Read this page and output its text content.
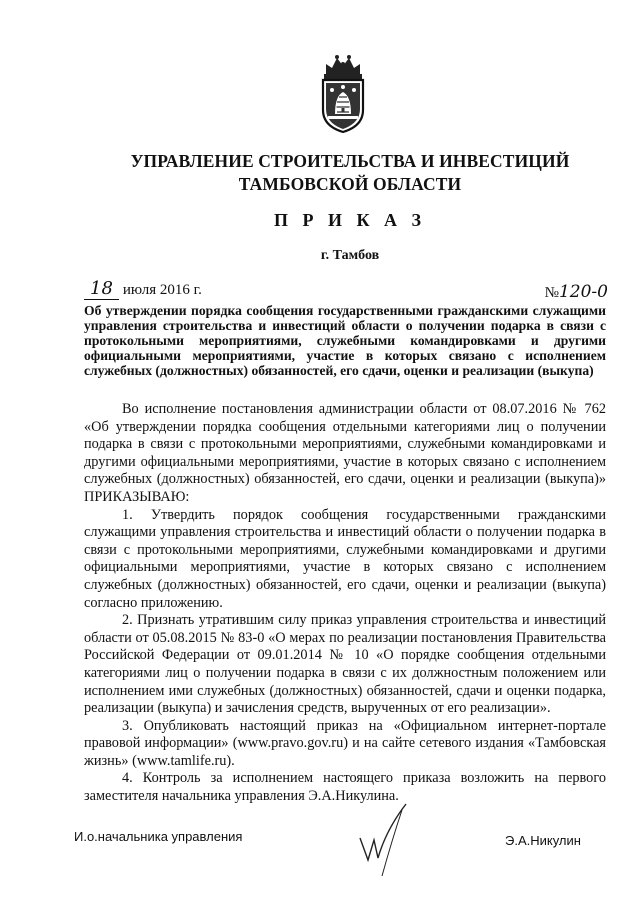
УПРАВЛЕНИЕ СТРОИТЕЛЬСТВА И ИНВЕСТИЦИЙ
ТАМБОВСКОЙ ОБЛАСТИ
П Р И К А З
г. Тамбов
18 июля 2016 г.	№120-0
Об утверждении порядка сообщения государственными гражданскими служащими управления строительства и инвестиций области о получении подарка в связи с протокольными мероприятиями, служебными командировками и другими официальными мероприятиями, участие в которых связано с исполнением служебных (должностных) обязанностей, его сдачи, оценки и реализации (выкупа)

Во исполнение постановления администрации области от 08.07.2016 № 762 «Об утверждении порядка сообщения отдельными категориями лиц о получении подарка в связи с протокольными мероприятиями, служебными командировками и другими официальными мероприятиями, участие в которых связано с исполнением служебных (должностных) обязанностей, его сдачи, оценки и реализации (выкупа)» ПРИКАЗЫВАЮ:

1. Утвердить порядок сообщения государственными гражданскими служащими управления строительства и инвестиций области о получении подарка в связи с протокольными мероприятиями, служебными командировками и другими официальными мероприятиями, участие в которых связано с исполнением служебных (должностных) обязанностей, его сдачи, оценки и реализации (выкупа) согласно приложению.

2. Признать утратившим силу приказ управления строительства и инвестиций области от 05.08.2015 № 83-0 «О мерах по реализации постановления Правительства Российской Федерации от 09.01.2014 № 10 «О порядке сообщения отдельными категориями лиц о получении подарка в связи с их должностным положением или исполнением ими служебных (должностных) обязанностей, сдачи и оценки подарка, реализации (выкупа) и зачисления средств, вырученных от его реализации».

3. Опубликовать настоящий приказ на «Официальном интернет-портале правовой информации» (www.pravo.gov.ru) и на сайте сетевого издания «Тамбовская жизнь» (www.tamlife.ru).

4. Контроль за исполнением настоящего приказа возложить на первого заместителя начальника управления Э.А.Никулина.

И.о.начальника управления	Э.А.Никулин
